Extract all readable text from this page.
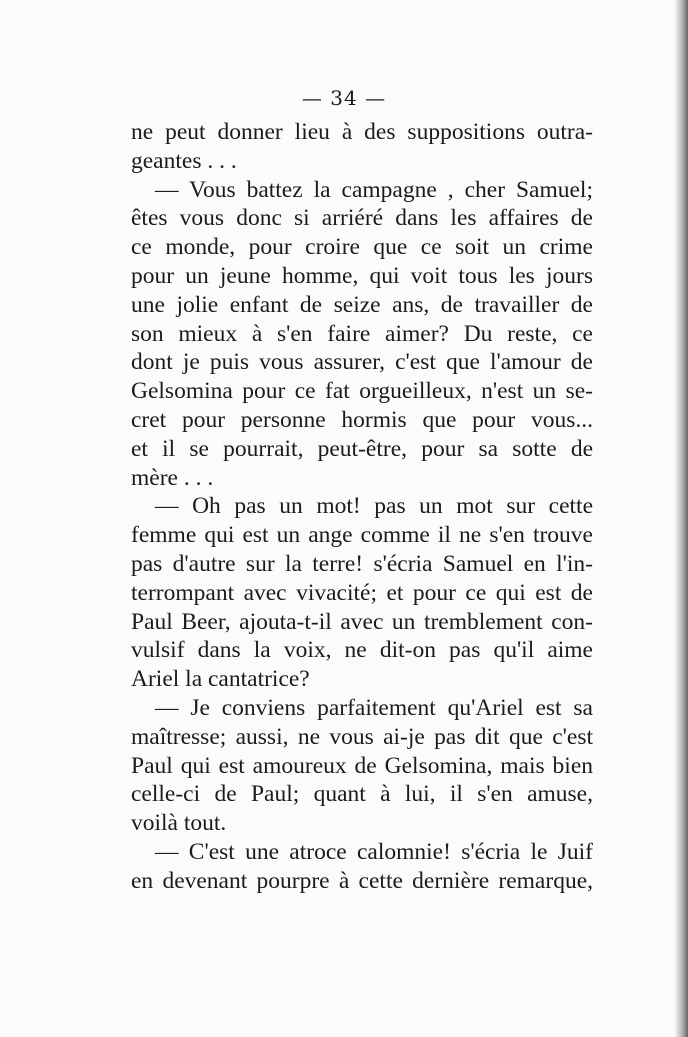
— 34 —
ne peut donner lieu à des suppositions outra-
geantes . . .
— Vous battez la campagne , cher Samuel;
êtes vous donc si arriéré dans les affaires de
ce monde, pour croire que ce soit un crime
pour un jeune homme, qui voit tous les jours
une jolie enfant de seize ans, de travailler de
son mieux à s'en faire aimer? Du reste, ce
dont je puis vous assurer, c'est que l'amour de
Gelsomina pour ce fat orgueilleux, n'est un se-
cret pour personne hormis que pour vous...
et il se pourrait, peut-être, pour sa sotte de
mère . . .
— Oh pas un mot! pas un mot sur cette
femme qui est un ange comme il ne s'en trouve
pas d'autre sur la terre! s'écria Samuel en l'in-
terrompant avec vivacité; et pour ce qui est de
Paul Beer, ajouta-t-il avec un tremblement con-
vulsif dans la voix, ne dit-on pas qu'il aime
Ariel la cantatrice?
— Je conviens parfaitement qu'Ariel est sa
maîtresse; aussi, ne vous ai-je pas dit que c'est
Paul qui est amoureux de Gelsomina, mais bien
celle-ci de Paul; quant à lui, il s'en amuse,
voilà tout.
— C'est une atroce calomnie! s'écria le Juif
en devenant pourpre à cette dernière remarque,
